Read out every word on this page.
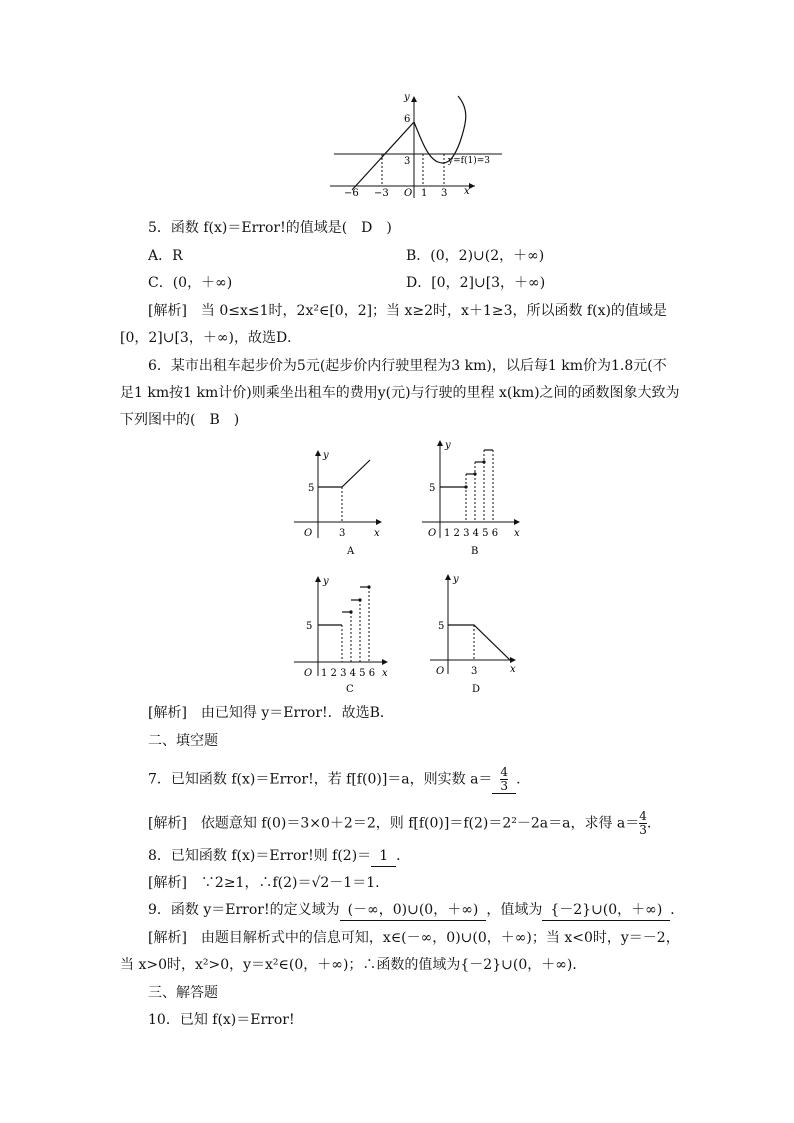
y
x
6
3	y=f(1)=3
−6 −3 O 1 3
5．函数 f(x)＝Error!的值域是(　D　)
A．R	B．(0，2)∪(2，＋∞)
C．(0，＋∞)	D．[0，2]∪[3，＋∞)
[解析]　当 0≤x≤1时，2x²∈[0，2]；当 x≥2时，x＋1≥3，所以函数 f(x)的值域是
[0，2]∪[3，＋∞)，故选D．
6．某市出租车起步价为5元(起步价内行驶里程为3 km)，以后每1 km价为1.8元(不
足1 km按1 km计价)则乘坐出租车的费用y(元)与行驶的里程 x(km)之间的函数图象大致为
下列图中的(　B　)
y
5
O	3	x
A
y
5
O 1 2 3 4 5 6 x
B
y
5
O 1 2 3 4 5 6 x
C
y
5
O	3	x
D
[解析]　由已知得 y＝Error!．故选B．
二、填空题
7．已知函数 f(x)＝Error!，若 f[f(0)]＝a，则实数 $a= \frac{4}{3}$ .
[解析]　依题意知 f(0)＝3×0＋2＝2，则 f[f(0)]＝f(2)＝2²－2a＝a，求得 $a= \frac{4}{3}$ .
8．已知函数 f(x)＝Error!则 f(2)＝ 1 ．
[解析]　∵2≥1，∴f(2)＝√2－1＝1.
9．函数 y＝Error!的定义域为 (－∞，0)∪(0，＋∞) ，值域为 {－2}∪(0，＋∞) ．
[解析]　由题目解析式中的信息可知，x∈(－∞，0)∪(0，＋∞)；当 x<0时，y＝－2，
当 x>0时，x²>0，y＝x²∈(0，＋∞)；∴函数的值域为{－2}∪(0，＋∞)．
三、解答题
10．已知 f(x)＝Error!
